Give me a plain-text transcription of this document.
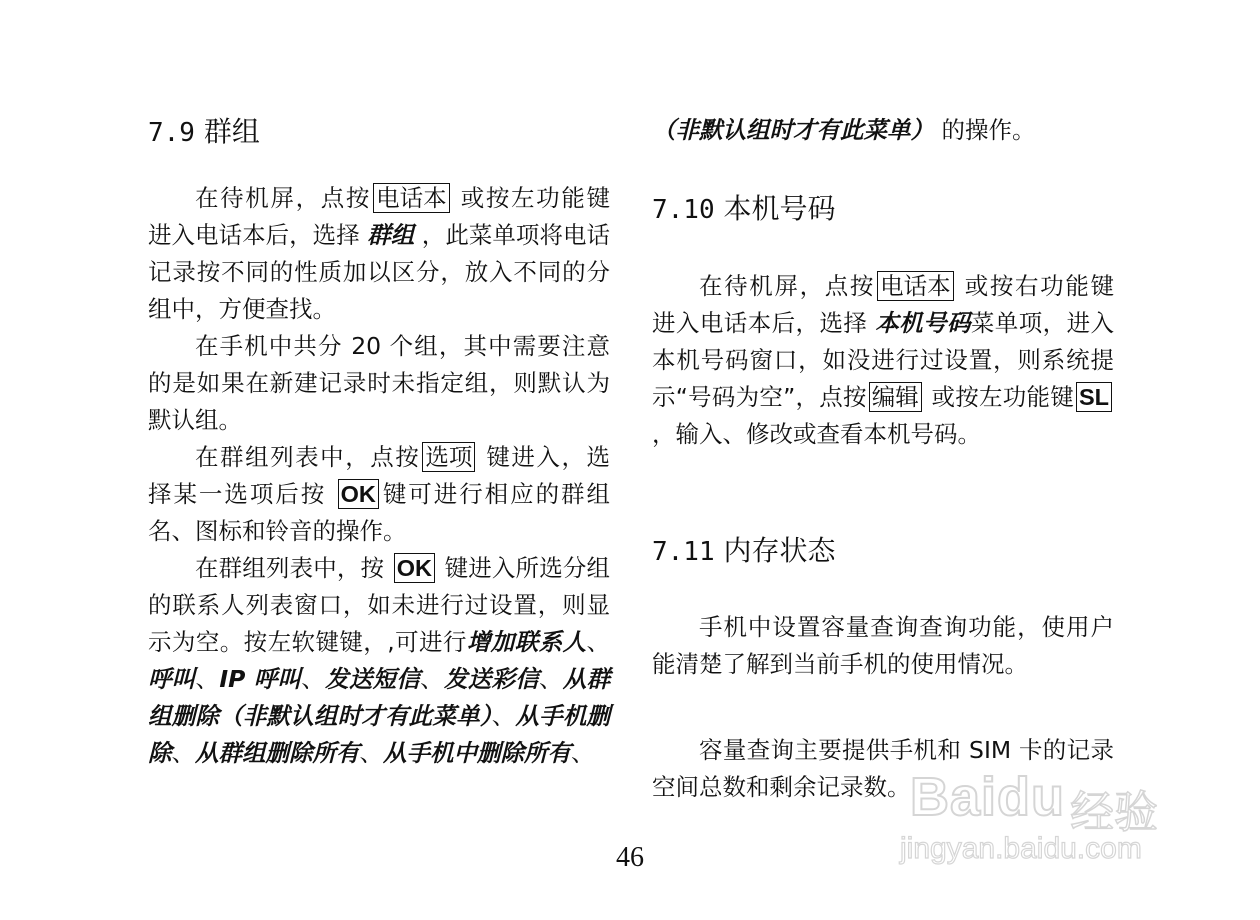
7.9 群组

在待机屏，点按 电话本 或按左功能键进入电话本后，选择 群组 ，此菜单项将电话记录按不同的性质加以区分，放入不同的分组中，方便查找。

在手机中共分 20 个组，其中需要注意的是如果在新建记录时未指定组，则默认为默认组。

在群组列表中，点按 选项 键进入，选择某一选项后按 OK 键可进行相应的群组名、图标和铃音的操作。

在群组列表中，按 OK 键进入所选分组的联系人列表窗口，如未进行过设置，则显示为空。按左软键键，,可进行增加联系人、呼叫、IP 呼叫、发送短信、发送彩信、从群组删除（非默认组时才有此菜单）、从手机删除、从群组删除所有、从手机中删除所有、

（非默认组时才有此菜单） 的操作。

7.10 本机号码

在待机屏，点按 电话本 或按右功能键进入电话本后，选择 本机号码菜单项，进入本机号码窗口，如没进行过设置，则系统提示“号码为空”，点按 编辑 或按左功能键 SL，输入、修改或查看本机号码。

7.11 内存状态

手机中设置容量查询查询功能，使用户能清楚了解到当前手机的使用情况。

容量查询主要提供手机和 SIM 卡的记录空间总数和剩余记录数。

46
Baidu 经验
jingyan.baidu.com
